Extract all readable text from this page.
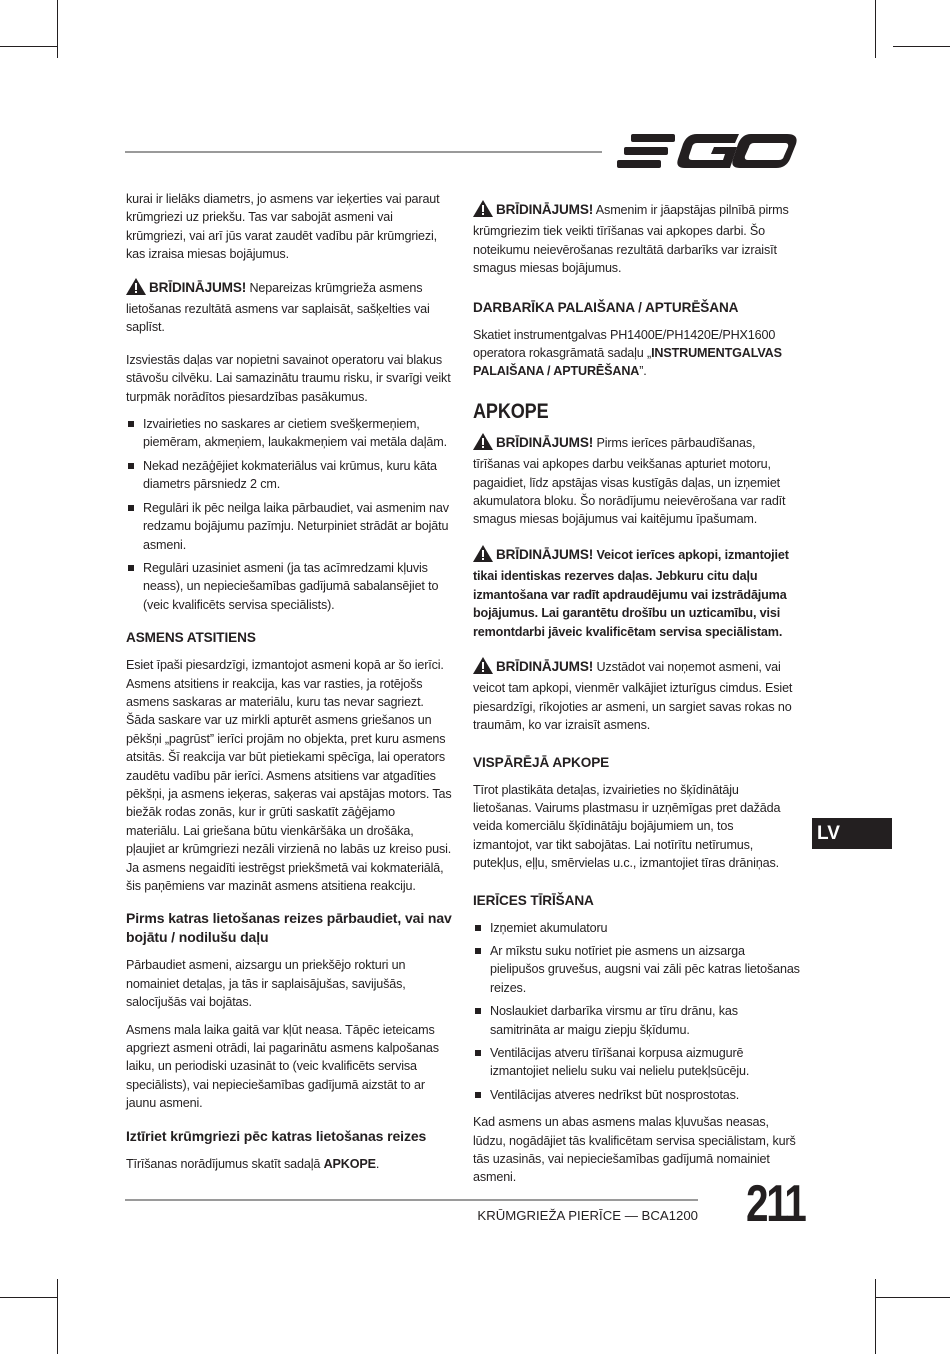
kurai ir lielāks diametrs, jo asmens var ieķerties vai paraut krūmgriezi uz priekšu. Tas var sabojāt asmeni vai krūmgriezi, vai arī jūs varat zaudēt vadību pār krūmgriezi, kas izraisa miesas bojājumus.

BRĪDINĀJUMS! Nepareizas krūmgrieža asmens lietošanas rezultātā asmens var saplaisāt, sašķelties vai saplīst.

Izsviestās daļas var nopietni savainot operatoru vai blakus stāvošu cilvēku. Lai samazinātu traumu risku, ir svarīgi veikt turpmāk norādītos piesardzības pasākumus.

Izvairieties no saskares ar cietiem svešķermeņiem, piemēram, akmeņiem, laukakmeņiem vai metāla daļām.
Nekad nezāģējiet kokmateriālus vai krūmus, kuru kāta diametrs pārsniedz 2 cm.
Regulāri ik pēc neilga laika pārbaudiet, vai asmenim nav redzamu bojājumu pazīmju. Neturpiniet strādāt ar bojātu asmeni.
Regulāri uzasiniet asmeni (ja tas acīmredzami kļuvis neass), un nepieciešamības gadījumā sabalansējiet to (veic kvalificēts servisa speciālists).
ASMENS ATSITIENS

Esiet īpaši piesardzīgi, izmantojot asmeni kopā ar šo ierīci. Asmens atsitiens ir reakcija, kas var rasties, ja rotējošs asmens saskaras ar materiālu, kuru tas nevar sagriezt. Šāda saskare var uz mirkli apturēt asmens griešanos un pēkšņi „pagrūst” ierīci projām no objekta, pret kuru asmens atsitās. Šī reakcija var būt pietiekami spēcīga, lai operators zaudētu vadību pār ierīci. Asmens atsitiens var atgadīties pēkšņi, ja asmens ieķeras, saķeras vai apstājas motors. Tas biežāk rodas zonās, kur ir grūti saskatīt zāģējamo materiālu. Lai griešana būtu vienkāršāka un drošāka, pļaujiet ar krūmgriezi nezāli virzienā no labās uz kreiso pusi. Ja asmens negaidīti iestrēgst priekšmetā vai kokmateriālā, šis paņēmiens var mazināt asmens atsitiena reakciju.

Pirms katras lietošanas reizes pārbaudiet, vai nav bojātu / nodilušu daļu

Pārbaudiet asmeni, aizsargu un priekšējo rokturi un nomainiet detaļas, ja tās ir saplaisājušas, savijušās, salocījušās vai bojātas.

Asmens mala laika gaitā var kļūt neasa. Tāpēc ieteicams apgriezt asmeni otrādi, lai pagarinātu asmens kalpošanas laiku, un periodiski uzasināt to (veic kvalificēts servisa speciālists), vai nepieciešamības gadījumā aizstāt to ar jaunu asmeni.

Iztīriet krūmgriezi pēc katras lietošanas reizes

Tīrīšanas norādījumus skatīt sadaļā APKOPE.

BRĪDINĀJUMS! Asmenim ir jāapstājas pilnībā pirms krūmgriezim tiek veikti tīrīšanas vai apkopes darbi. Šo noteikumu neievērošanas rezultātā darbarīks var izraisīt smagus miesas bojājumus.

DARBARĪKA PALAIŠANA / APTURĒŠANA

Skatiet instrumentgalvas PH1400E/PH1420E/PHX1600 operatora rokasgrāmatā sadaļu „INSTRUMENTGALVAS PALAIŠANA / APTURĒŠANA”.

APKOPE

BRĪDINĀJUMS! Pirms ierīces pārbaudīšanas, tīrīšanas vai apkopes darbu veikšanas apturiet motoru, pagaidiet, līdz apstājas visas kustīgās daļas, un izņemiet akumulatora bloku. Šo norādījumu neievērošana var radīt smagus miesas bojājumus vai kaitējumu īpašumam.

BRĪDINĀJUMS! Veicot ierīces apkopi, izmantojiet tikai identiskas rezerves daļas. Jebkuru citu daļu izmantošana var radīt apdraudējumu vai izstrādājuma bojājumus. Lai garantētu drošību un uzticamību, visi remontdarbi jāveic kvalificētam servisa speciālistam.

BRĪDINĀJUMS! Uzstādot vai noņemot asmeni, vai veicot tam apkopi, vienmēr valkājiet izturīgus cimdus. Esiet piesardzīgi, rīkojoties ar asmeni, un sargiet savas rokas no traumām, ko var izraisīt asmens.

VISPĀRĒJĀ APKOPE

Tīrot plastikāta detaļas, izvairieties no šķīdinātāju lietošanas. Vairums plastmasu ir uzņēmīgas pret dažāda veida komerciālu šķīdinātāju bojājumiem un, tos izmantojot, var tikt sabojātas. Lai notīrītu netīrumus, putekļus, eļļu, smērvielas u.c., izmantojiet tīras drāniņas.

IERĪCES TĪRĪŠANA
Izņemiet akumulatoru
Ar mīkstu suku notīriet pie asmens un aizsarga pielipušos gruvešus, augsni vai zāli pēc katras lietošanas reizes.
Noslaukiet darbarīka virsmu ar tīru drānu, kas samitrināta ar maigu ziepju šķīdumu.
Ventilācijas atveru tīrīšanai korpusa aizmugurē izmantojiet nelielu suku vai nelielu putekļsūcēju.
Ventilācijas atveres nedrīkst būt nosprostotas.

Kad asmens un abas asmens malas kļuvušas neasas, lūdzu, nogādājiet tās kvalificētam servisa speciālistam, kurš tās uzasinās, vai nepieciešamības gadījumā nomainiet asmeni.

LV
KRŪMGRIEŽA PIERĪCE — BCA1200 211
